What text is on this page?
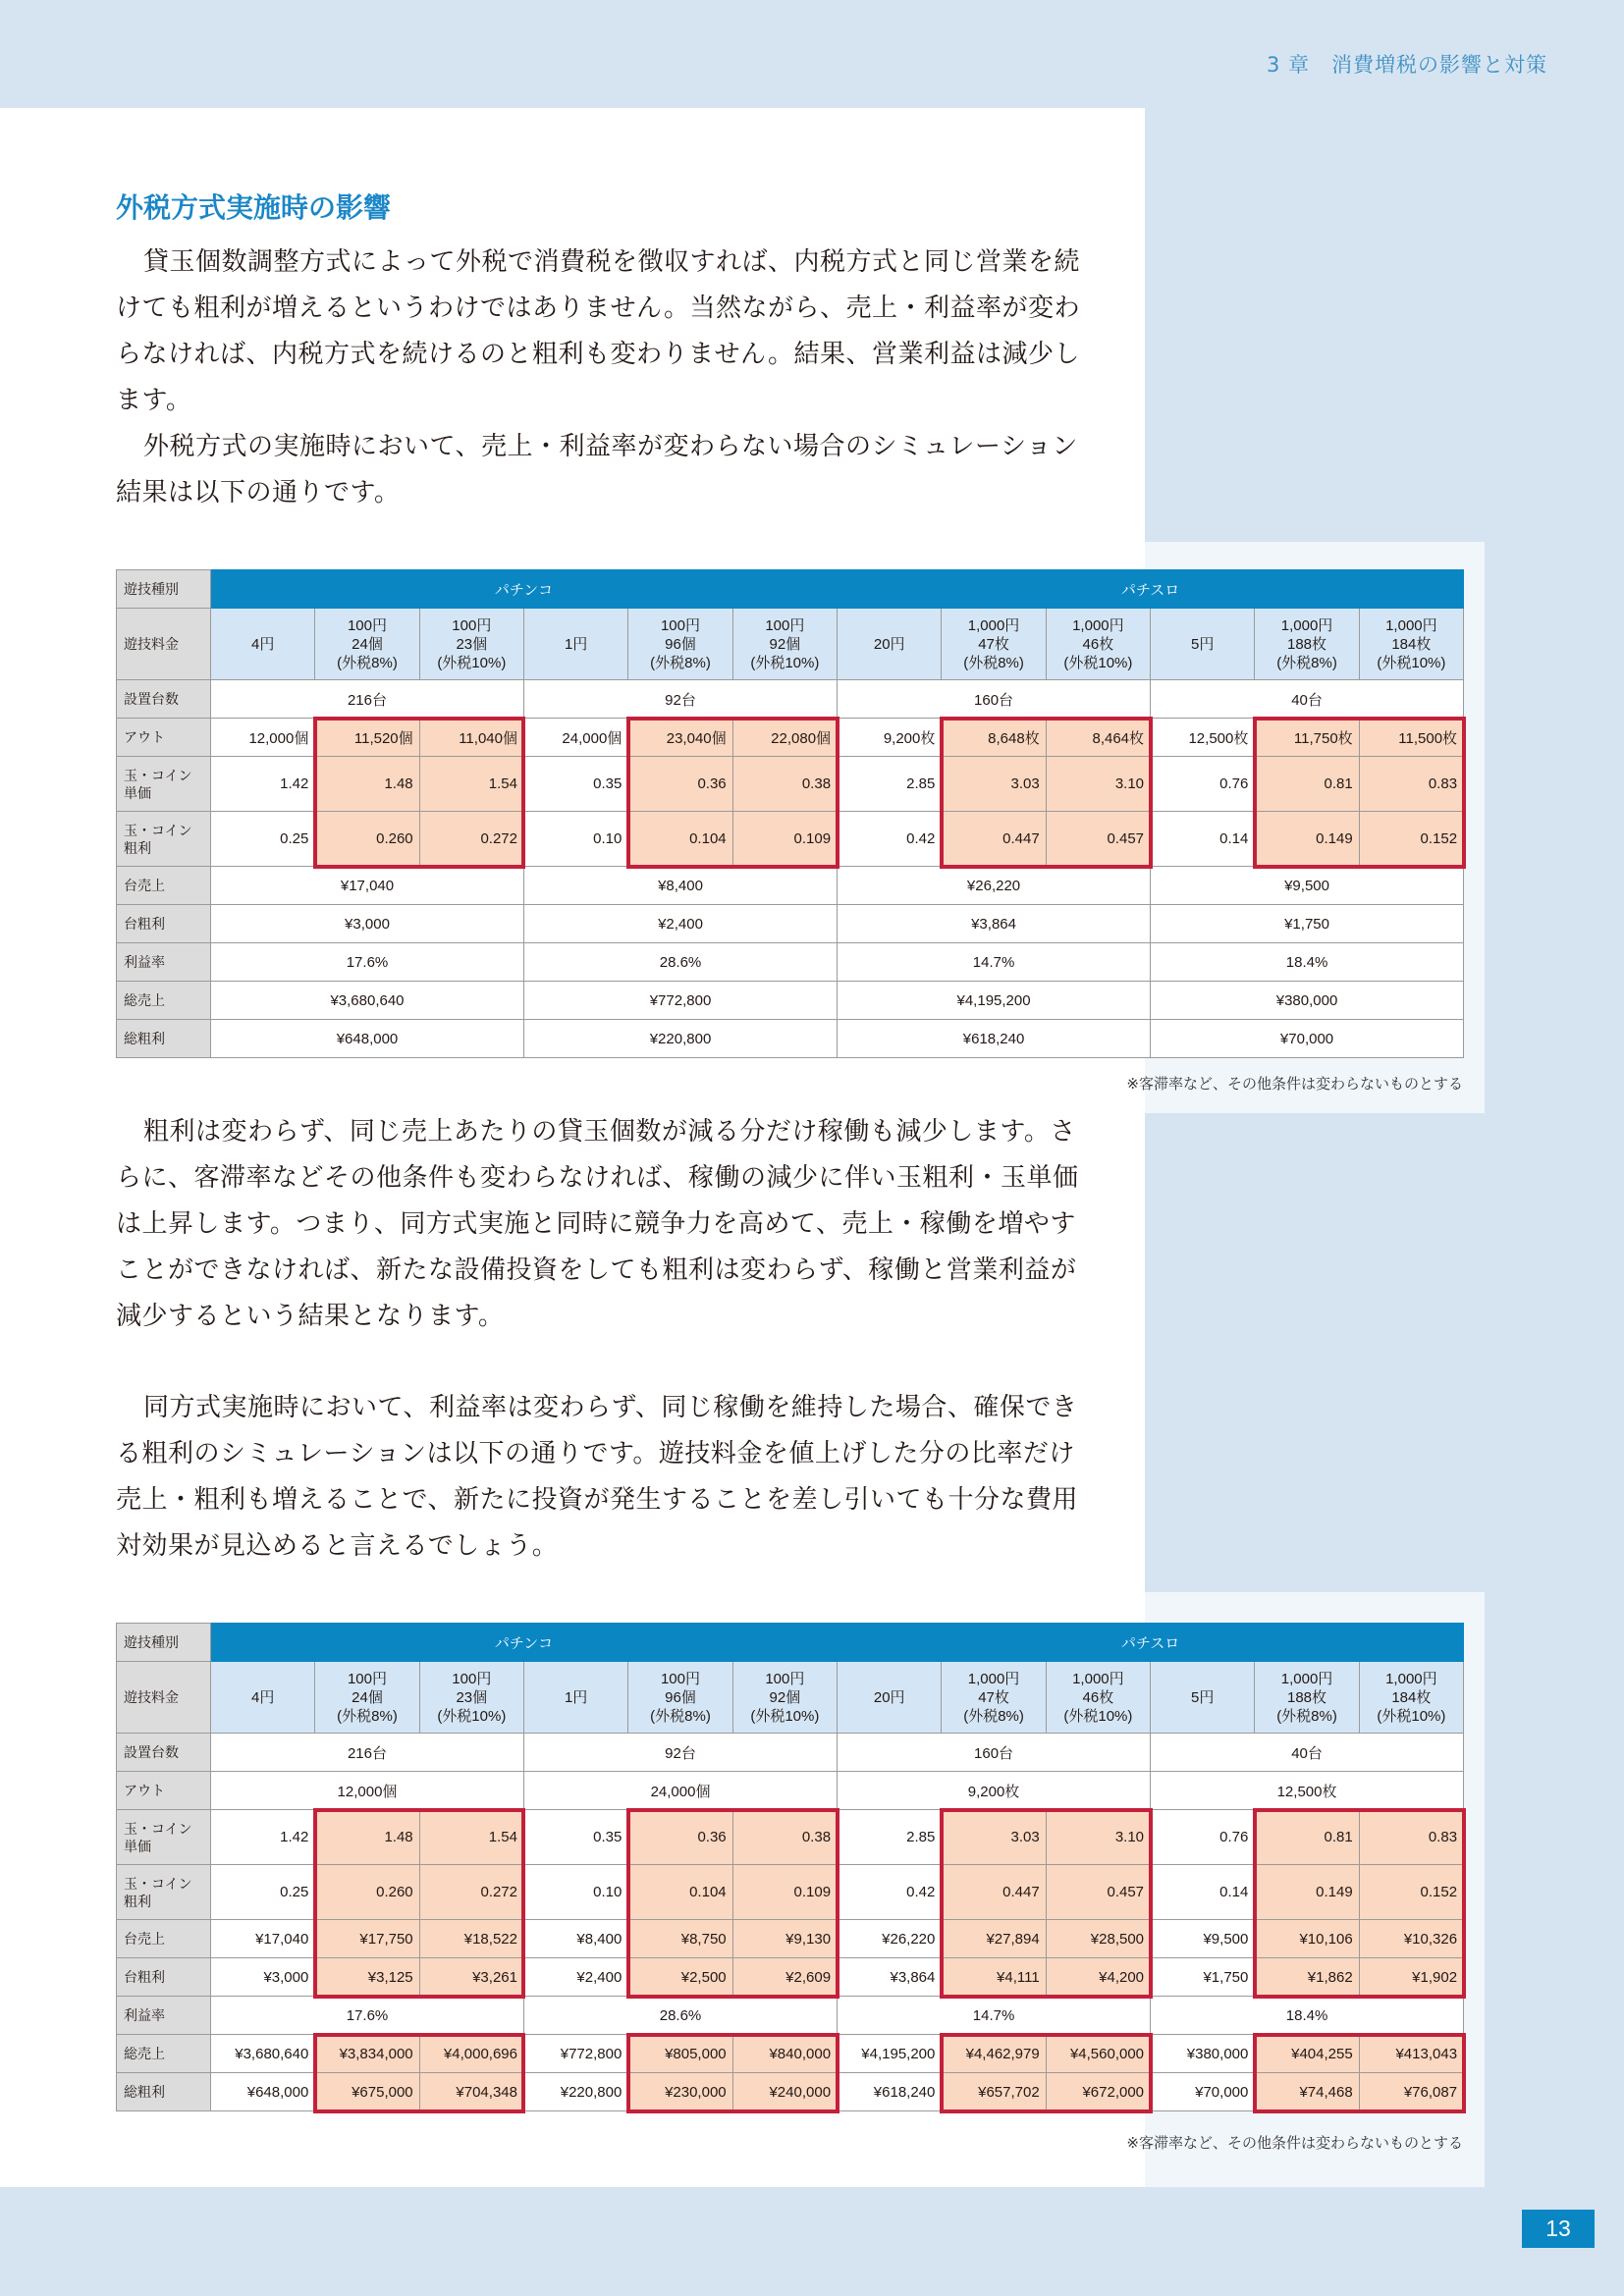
3 章　消費増税の影響と対策
13
外税方式実施時の影響

貸玉個数調整方式によって外税で消費税を徴収すれば、内税方式と同じ営業を続けても粗利が増えるというわけではありません。当然ながら、売上・利益率が変わらなければ、内税方式を続けるのと粗利も変わりません。結果、営業利益は減少します。

外税方式の実施時において、売上・利益率が変わらない場合のシミュレーション結果は以下の通りです。

遊技種別	パチンコ						パチスロ					
遊技料金	4円	100円
24個
(外税8%)	100円
23個
(外税10%)	1円	100円
96個
(外税8%)	100円
92個
(外税10%)	20円	1,000円
47枚
(外税8%)	1,000円
46枚
(外税10%)	5円	1,000円
188枚
(外税8%)	1,000円
184枚
(外税10%)
設置台数	216台			92台			160台			40台		
アウト	12,000個	11,520個	11,040個	24,000個	23,040個	22,080個	9,200枚	8,648枚	8,464枚	12,500枚	11,750枚	11,500枚
玉・コイン
単価	1.42	1.48	1.54	0.35	0.36	0.38	2.85	3.03	3.10	0.76	0.81	0.83
玉・コイン
粗利	0.25	0.260	0.272	0.10	0.104	0.109	0.42	0.447	0.457	0.14	0.149	0.152
台売上	¥17,040			¥8,400			¥26,220			¥9,500		
台粗利	¥3,000			¥2,400			¥3,864			¥1,750		
利益率	17.6%			28.6%			14.7%			18.4%		
総売上	¥3,680,640			¥772,800			¥4,195,200			¥380,000		
総粗利	¥648,000			¥220,800			¥618,240			¥70,000		
※客滞率など、その他条件は変わらないものとする

粗利は変わらず、同じ売上あたりの貸玉個数が減る分だけ稼働も減少します。さらに、客滞率などその他条件も変わらなければ、稼働の減少に伴い玉粗利・玉単価は上昇します。つまり、同方式実施と同時に競争力を高めて、売上・稼働を増やすことができなければ、新たな設備投資をしても粗利は変わらず、稼働と営業利益が減少するという結果となります。

同方式実施時において、利益率は変わらず、同じ稼働を維持した場合、確保できる粗利のシミュレーションは以下の通りです。遊技料金を値上げした分の比率だけ売上・粗利も増えることで、新たに投資が発生することを差し引いても十分な費用対効果が見込めると言えるでしょう。

遊技種別	パチンコ						パチスロ					
遊技料金	4円	100円
24個
(外税8%)	100円
23個
(外税10%)	1円	100円
96個
(外税8%)	100円
92個
(外税10%)	20円	1,000円
47枚
(外税8%)	1,000円
46枚
(外税10%)	5円	1,000円
188枚
(外税8%)	1,000円
184枚
(外税10%)
設置台数	216台			92台			160台			40台		
アウト	12,000個			24,000個			9,200枚			12,500枚		
玉・コイン
単価	1.42	1.48	1.54	0.35	0.36	0.38	2.85	3.03	3.10	0.76	0.81	0.83
玉・コイン
粗利	0.25	0.260	0.272	0.10	0.104	0.109	0.42	0.447	0.457	0.14	0.149	0.152
台売上	¥17,040	¥17,750	¥18,522	¥8,400	¥8,750	¥9,130	¥26,220	¥27,894	¥28,500	¥9,500	¥10,106	¥10,326
台粗利	¥3,000	¥3,125	¥3,261	¥2,400	¥2,500	¥2,609	¥3,864	¥4,111	¥4,200	¥1,750	¥1,862	¥1,902
利益率	17.6%			28.6%			14.7%			18.4%		
総売上	¥3,680,640	¥3,834,000	¥4,000,696	¥772,800	¥805,000	¥840,000	¥4,195,200	¥4,462,979	¥4,560,000	¥380,000	¥404,255	¥413,043
総粗利	¥648,000	¥675,000	¥704,348	¥220,800	¥230,000	¥240,000	¥618,240	¥657,702	¥672,000	¥70,000	¥74,468	¥76,087
※客滞率など、その他条件は変わらないものとする
